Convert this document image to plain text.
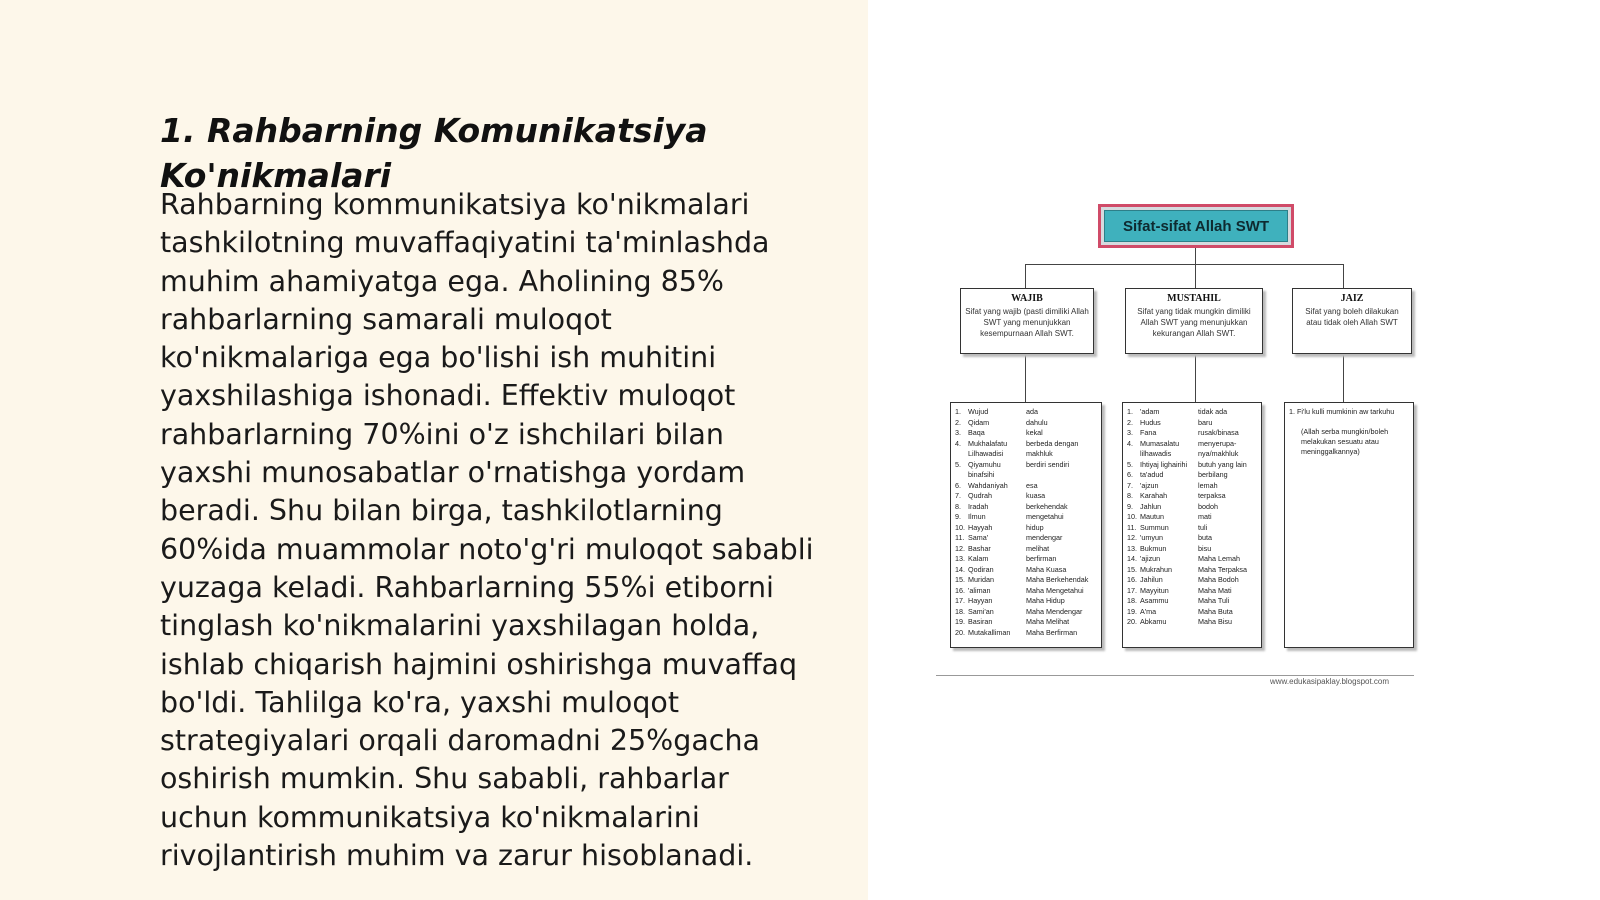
1. Rahbarning Komunikatsiya Ko'nikmalari

Rahbarning kommunikatsiya ko'nikmalari tashkilotning muvaffaqiyatini ta'minlashda muhim ahamiyatga ega. Aholining 85% rahbarlarning samarali muloqot ko'nikmalariga ega bo'lishi ish muhitini yaxshilashiga ishonadi. Effektiv muloqot rahbarlarning 70%ini o'z ishchilari bilan yaxshi munosabatlar o'rnatishga yordam beradi. Shu bilan birga, tashkilotlarning 60%ida muammolar noto'g'ri muloqot sababli yuzaga keladi. Rahbarlarning 55%i etiborni tinglash ko'nikmalarini yaxshilagan holda, ishlab chiqarish hajmini oshirishga muvaffaq bo'ldi. Tahlilga ko'ra, yaxshi muloqot strategiyalari orqali daromadni 25%gacha oshirish mumkin. Shu sababli, rahbarlar uchun kommunikatsiya ko'nikmalarini rivojlantirish muhim va zarur hisoblanadi.

Sifat-sifat Allah SWT
WAJIB
Sifat yang wajib (pasti dimiliki Allah SWT yang menunjukkan kesempurnaan Allah SWT.
MUSTAHIL
Sifat yang tidak mungkin dimiliki Allah SWT yang menunjukkan kekurangan Allah SWT.
JAIZ
Sifat yang boleh dilakukan atau tidak oleh Allah SWT
1. Wujud	ada
2. Qidam	dahulu
3. Baqa	kekal
4. Mukhalafatu	berbeda dengan
Lilhawadisi	makhluk
5. Qiyamuhu	berdiri sendiri
binafsihi
6. Wahdaniyah	esa
7. Qudrah	kuasa
8. Iradah	berkehendak
9. Ilmun	mengetahui
10. Hayyah	hidup
11. Sama'	mendengar
12. Bashar	melihat
13. Kalam	berfirman
14. Qodiran	Maha Kuasa
15. Muridan	Maha Berkehendak
16. 'aliman	Maha Mengetahui
17. Hayyan	Maha Hidup
18. Sami'an	Maha Mendengar
19. Basiran	Maha Melihat
20. Mutakalliman	Maha Berfirman
1. 'adam	tidak ada
2. Hudus	baru
3. Fana	rusak/binasa
4. Mumasalatu	menyerupa-
lilhawadis	nya/makhluk
5. Ihtiyaj lighairihi	butuh yang lain
6. ta'adud	berbilang
7. 'ajzun	lemah
8. Karahah	terpaksa
9. Jahlun	bodoh
10. Mautun	mati
11. Summun	tuli
12. 'umyun	buta
13. Bukmun	bisu
14. 'ajizun	Maha Lemah
15. Mukrahun	Maha Terpaksa
16. Jahilun	Maha Bodoh
17. Mayyitun	Maha Mati
18. Asammu	Maha Tuli
19. A'ma	Maha Buta
20. Abkamu	Maha Bisu
1. Fi'lu kulli mumkinin aw tarkuhu
(Allah serba mungkin/boleh melakukan sesuatu atau meninggalkannya)
www.edukasipaklay.blogspot.com
